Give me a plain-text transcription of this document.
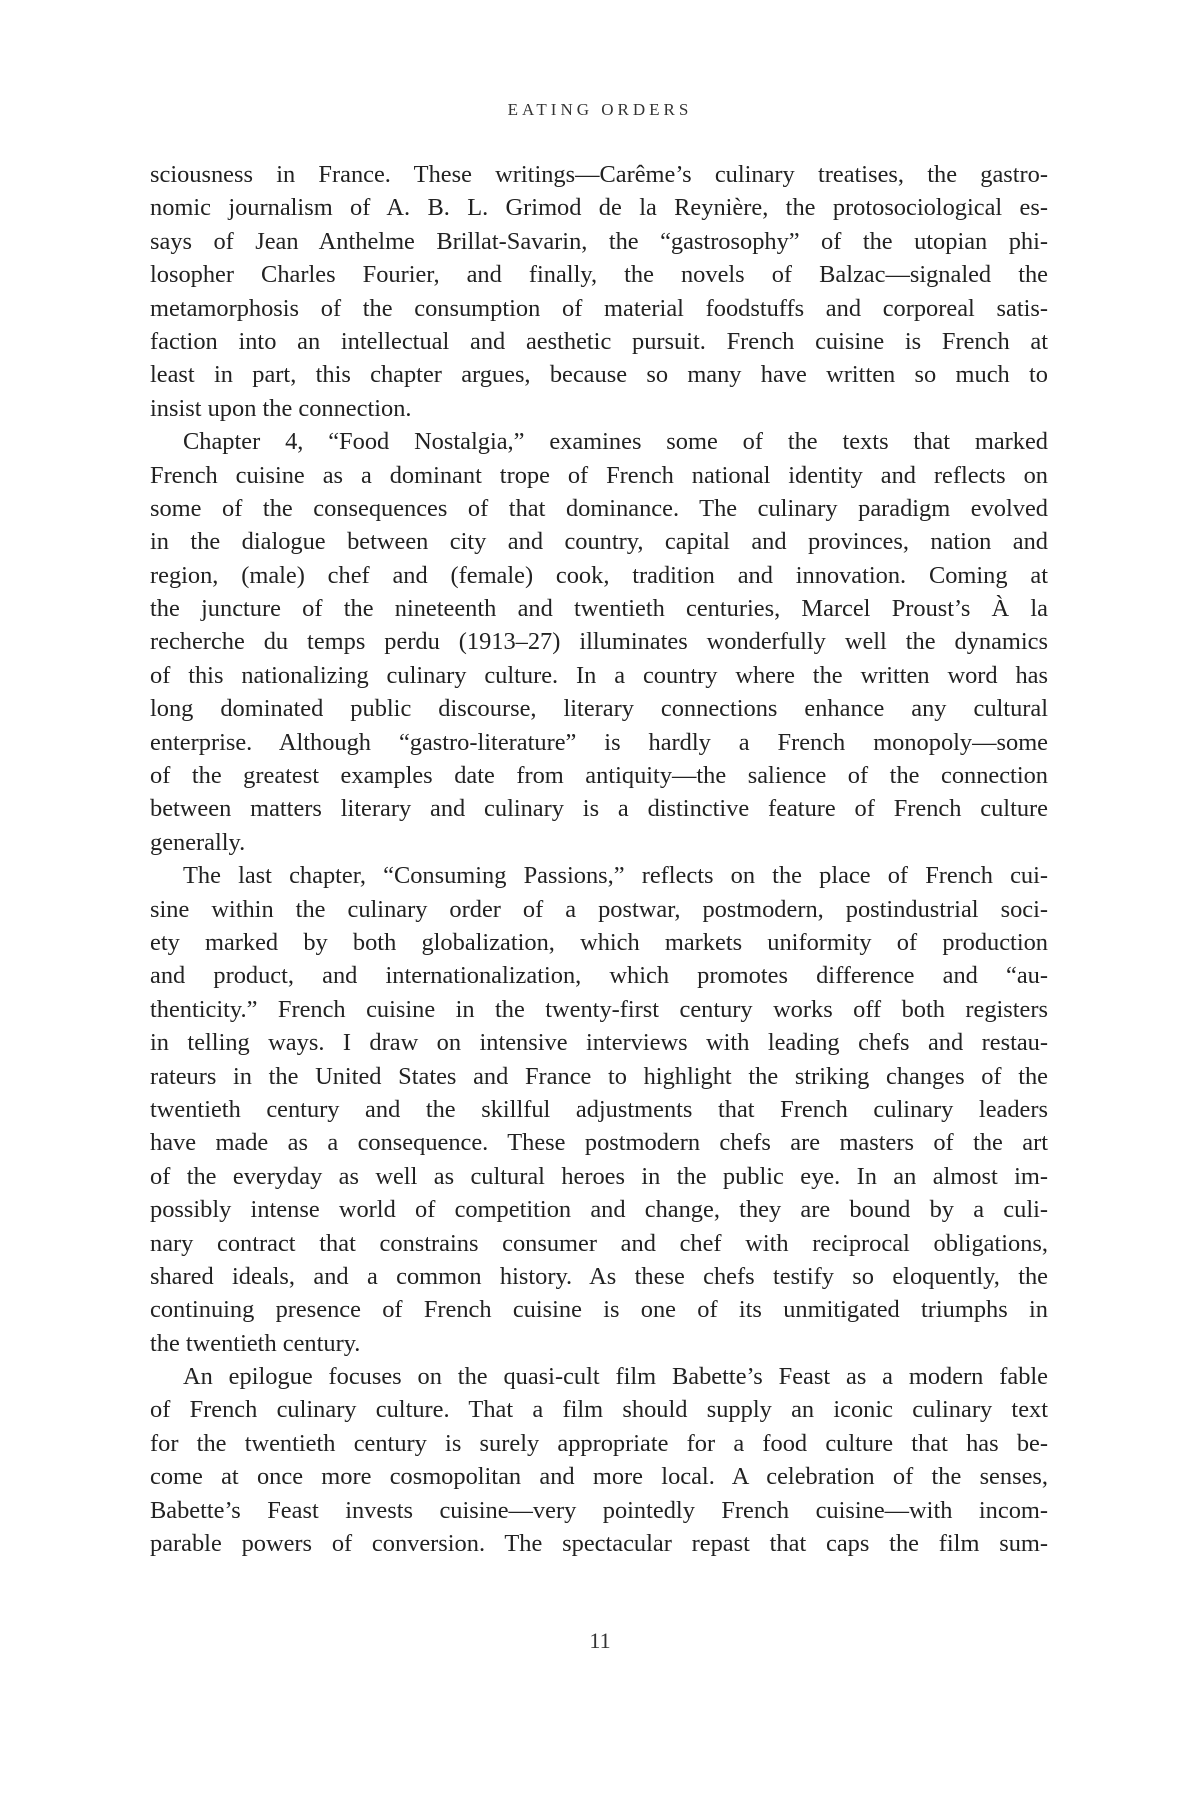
EATING ORDERS
sciousness in France. These writings—Carême’s culinary treatises, the gastro-
nomic journalism of A. B. L. Grimod de la Reynière, the protosociological es-
says of Jean Anthelme Brillat-Savarin, the “gastrosophy” of the utopian phi-
losopher Charles Fourier, and finally, the novels of Balzac—signaled the
metamorphosis of the consumption of material foodstuffs and corporeal satis-
faction into an intellectual and aesthetic pursuit. French cuisine is French at
least in part, this chapter argues, because so many have written so much to
insist upon the connection.
Chapter 4, “Food Nostalgia,” examines some of the texts that marked
French cuisine as a dominant trope of French national identity and reflects on
some of the consequences of that dominance. The culinary paradigm evolved
in the dialogue between city and country, capital and provinces, nation and
region, (male) chef and (female) cook, tradition and innovation. Coming at
the juncture of the nineteenth and twentieth centuries, Marcel Proust’s À la
recherche du temps perdu (1913–27) illuminates wonderfully well the dynamics
of this nationalizing culinary culture. In a country where the written word has
long dominated public discourse, literary connections enhance any cultural
enterprise. Although “gastro-literature” is hardly a French monopoly—some
of the greatest examples date from antiquity—the salience of the connection
between matters literary and culinary is a distinctive feature of French culture
generally.
The last chapter, “Consuming Passions,” reflects on the place of French cui-
sine within the culinary order of a postwar, postmodern, postindustrial soci-
ety marked by both globalization, which markets uniformity of production
and product, and internationalization, which promotes difference and “au-
thenticity.” French cuisine in the twenty-first century works off both registers
in telling ways. I draw on intensive interviews with leading chefs and restau-
rateurs in the United States and France to highlight the striking changes of the
twentieth century and the skillful adjustments that French culinary leaders
have made as a consequence. These postmodern chefs are masters of the art
of the everyday as well as cultural heroes in the public eye. In an almost im-
possibly intense world of competition and change, they are bound by a culi-
nary contract that constrains consumer and chef with reciprocal obligations,
shared ideals, and a common history. As these chefs testify so eloquently, the
continuing presence of French cuisine is one of its unmitigated triumphs in
the twentieth century.
An epilogue focuses on the quasi-cult film Babette’s Feast as a modern fable
of French culinary culture. That a film should supply an iconic culinary text
for the twentieth century is surely appropriate for a food culture that has be-
come at once more cosmopolitan and more local. A celebration of the senses,
Babette’s Feast invests cuisine—very pointedly French cuisine—with incom-
parable powers of conversion. The spectacular repast that caps the film sum-
11
